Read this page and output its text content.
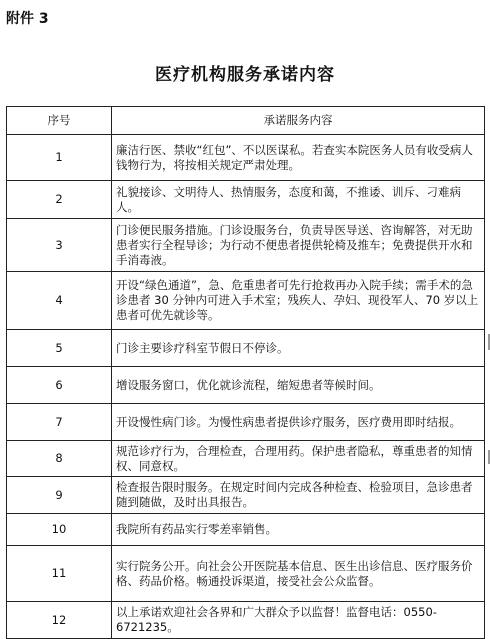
附件 3
医疗机构服务承诺内容
序号	承诺服务内容
1	廉洁行医、禁收“红包”、不以医谋私。若查实本院医务人员有收受病人钱物行为，将按相关规定严肃处理。
2	礼貌接诊、文明待人、热情服务，态度和蔼，不推诿、训斥、刁难病人。
3	门诊便民服务措施。门诊设服务台，负责导医导送、咨询解答，对无助患者实行全程导诊；为行动不便患者提供轮椅及推车；免费提供开水和手消毒液。
4	开设“绿色通道”，急、危重患者可先行抢救再办入院手续；需手术的急诊患者 30 分钟内可进入手术室；残疾人、孕妇、现役军人、70 岁以上患者可优先就诊等。
5	门诊主要诊疗科室节假日不停诊。
6	增设服务窗口，优化就诊流程，缩短患者等候时间。
7	开设慢性病门诊。为慢性病患者提供诊疗服务，医疗费用即时结报。
8	规范诊疗行为，合理检查，合理用药。保护患者隐私，尊重患者的知情权、同意权。
9	检查报告限时服务。在规定时间内完成各种检查、检验项目，急诊患者随到随做，及时出具报告。
10	我院所有药品实行零差率销售。
11	实行院务公开。向社会公开医院基本信息、医生出诊信息、医疗服务价格、药品价格。畅通投诉渠道，接受社会公众监督。
12	以上承诺欢迎社会各界和广大群众予以监督！监督电话：0550-6721235。
